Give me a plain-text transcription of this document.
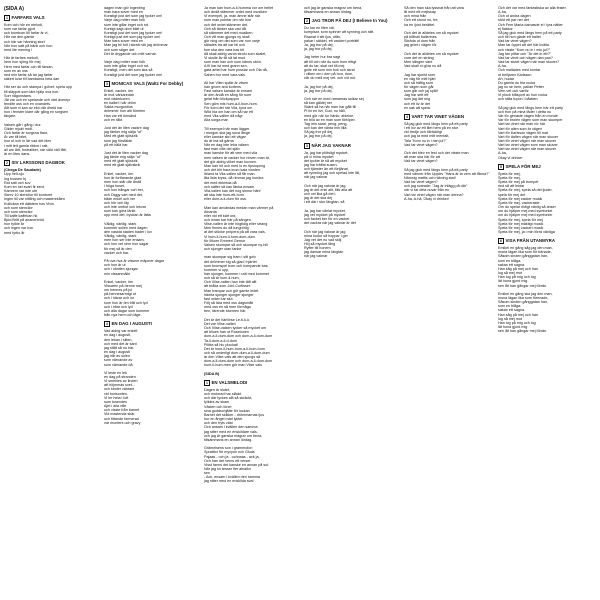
(SIDA A)
1 FARFARS VALS
Kom och hör en melodi,
som var farfar gjort
och bombom till farfar är vi,
Här var den gamle
och här var hänning stort
När hon satt på bänk och hon
med lite mening i

Här är farfars melodi,
hem hon sjöng för mej
Hem med farfar och till farsan,
som en av oss
ned min farfar så tar jag farfar
säkert kvar till bambarna hela dan

Här ser du och stampa i golvet, spela upp
till släppet som länt hjälp ova hon.
Sort någonstans.
Jäl var och en spelande och värt äventyr
tendite oss och en ovandets.
Allt som vi kan av ekö där direkt har
hon i fenster klare där gång en sorgsen
tänjare.

Valsen går i gång i dur.
Gilder mjukt midt.
Och farfar är sorgsna flaut,
Är var till bilet,
hon ut och in lär vad det blev
i mitt lett gamla ribbor i ratt,
all var lätt, fontraliker, när väld väll fått,
är en liten dans.
2 SIV LARSSONS DAGBOK
(Chega De Saudade)
Upp helt-sju
Ing bussen hj
Rat satt och sov
Kom en hel svart fir sent.
Kamrem var inte ute
Skrev 10 stencilor till kontoret
Ingen till var nittling och masterekåen
Kollickan ett dätstem hos Vivin
och som stencilor
och som stencilor
Till kaffe kaffekan hk
Bjöd Britt på ananerbröd
hon fyllde år
och ingen var hon
med fyrtio år
dagen man gör ingenting
man bara sover med en
Konstigt just det som jag tycker om!
Varje dag möter man folk
som inte gillar inget och rot.
Kontigt sagt dom bilet ut
Konstigt just det som jag tycker om!
Kontigt just det som jag tycker om!
Man bara sover med en
Man jag bli fult i skratt när jag drömmar
och som säger det
Det är drygande och mitt varnar.

Varje dag möter man folk
som inte gillar inget och rot.
Konstigt, men det som ska så
Konstigt just det som jag tycker om!
3 MONICAS VALS (Waltz For Debby)
Enkel, vacker, örn
är mot värkaredah
mot väderkoren
en kalkel i vår dröm
Sakta morgontius
drömmer hon allt förrelen
Han var ett ömsänd
och en tåkt.

Juid det än liten vackre dag
jag tänker mig sälja "ut"
Med ett glatt sjöskrik
som jag förstäkte
på ett hälä har.

Just det är liten vacker dag
jag tänke mig sälja "ut"
med ett glatt sjöskrik
med ett glatt självskrik

Enkel, vacker, örn
hon är fortfarande glad
men hon står där ändå
i höga huset,
och hon hångar och ber,
och Diggy vart med det,
både enkel och ver
och hör och läy
och inte ombut och lekvar
som kan göra tänkt
upp med det, tryckan är lätta

Väldig, värdig, stark
kommer sollen med dagen
den vassta staden bader i luv
Väldig, värdig, stark
men hon ser inte ensam,
och hon vet vem hon sagar
för mej så är den
vacker och bar.

På ova hva är vissme mäjoner dagar
och hon är ut
och i väntlen sjungar
min vissanmälle

Enkel, vacker, örn
Vissaren på-henne mej
om hennes på jul
på-hennesarmigt ut
och i hävar och lur
som hon är öm tråt och lyd
och i hitar och lyd
och alla dagar som kommer
från nya hem och läge.
4 EN DAG I AUGUSTI
Vad aldrig var enkelt
en dag i augusti,
den lekan i sliten,
och med det är sant
jag stått så nu här.
en dag i augusti
jag når av solen
som värnande av
som värnande då.

Vi leste en lek
en dag på stranden
Vi smekies av linden
att höjmmas svet...
och kinder väntare
vid horisonten.
Vi ler heta i luft
som tusendes
Ajet i alla ville
och visste från barnet
Vid mastenda skär,
och tittande formerad
var munters och gravy
Ja man kan hum-a-li-humma vor om hellet
och ändå stämmer ordet med musiken
Vi exempel, ja, man ämne står när
som man pointar om när hon
och det ordet stämmer det.
Och så tänker ska vad då
så stämmer det med musiken.
Och vill man gjungs ny skall
gör ning om det som var nun varje
sålades tra att var bil och
fum ska den vara bas bit
då skall aldrig varva strolu som skalet,
Vi skulle åv till så lat mud
som man kan och som känns skön.
A fil har ist med grann sen,
gata arbel har hum pusslar och Ola då,
Sahen bur med vara vals.

All har Vilen späle är vilsen
han gnore and kortens.
Fast valsen kanske är ensam
är den ändå en sång för som
gelat från klickpappor
Sen göm mis hum-a-li-hum-hum.
För kom det när Vila, tynd om
Wild bia om han om så har ett
med Vila-vallen då någr
Alla sorga mar.

Till exempel när man lägger
i morgon ska jag soca långe
eller kanske skri ett vägar
du är ina så gärna
När en dag inte leka valsen
fast man ville del själv
man kanske för att vem med vila
men valsen är vacker hur nbven man är,
det gör aldrig vilket man kovnen.
Man kan hit och med lo en tipslupong
och det blir bara inom kala vinsten.
Ibland ta Vila-vallen så får man
åta lista kryss, då rimmar jag hundra
det med ekkreda då
och sätter så kan tänka ensam
Vila-vallen kan det nog sinnor hänt
att ska inte hum-ett-hum
eller dum-a-li-dum för oss.

Man kan användas medan man värmer på
Alnarda
eller vid ett kärt ord,
och innan kar här på sängen.
Vilse-vallen är inte högtidig eller strang
Men finnes du då tungrörlig
at det stöcke pröpera på att vara vals,
Vi hum-li-hum-li-hum-dum-dum
för Illkorn Emmerl Gernor
Valsen skumpar så och skumpar ny-hill
och sjunger utan tanke

man skumpar sig fram i sitt golv
det drömmer sig så glad i hjärtet
som bromspel bom och kompande bas,
kommer vi upp,
han sjunger, kommer i ratt med kommet
och så är hum-li-hum,
Och Vilse-vallen han inte tält allt
att bråka som Johl-Curtisser.
Man trampar och gör gamle ledet
hämta sjunger sjunger sjunger
fast orden tar slut.
Följ så lära med oss dagsmått
med oss en så men förmåga
ben, tärende stormen här.

Det är det härförse Le-ti-k-k.
Det var Vilse-vallen
Och Vilse-valsen tycker så mycket om
att bliues han ut Rosetonen
dum-a-li-dum-dum och dum-a-li-dum-dum
Ta-li-dum-a-li-d-dum
Plötta så hiu plockat!
Det är hum-li-hum-hum-a-li-hum-hum
och så underligt dum-dum-a-li-dum-dum
är den Vilse-vals att den sjungs så
dum-a-li-dum-dum och dum-a-li-dum-dum
hum-li-hum-men gör man Vilse vals
(SIDA B)
1 EN VALSMELODI
Dagen är slutet,
och motorad har släckt
och där tyckes allt så skräckt,
fylldes av skam
Västen och löner
sina goddschjätte för luckan
Barnet det skikker - drömmarnas ljus
hur en ångel mad lykter
och den fryls väst
Och ansam i kvällen den samma
jag sitter med en enskildare vals,
och jag är ganska magrar om bena,
tillsammans en annan lördag.

Grämelsens son i grammofon
Sprattlor för mycyon och Gluds
Pajaas - och ja - ochnaas - ack ja,
Och han det verns ett verser
Visst fanns det kanske en annan på sol.
När jag ho tesser fler alnalkn
sen
- Ack, ensam i kvällen den samma
jag sitter med en enskilda sval
och jag är ganska magrar om bena,
tillsammans en annan lördag.
2 JAG TROR PÅ DEJ (I Believe In You)
Du har en liten väl,
kompisar, som spinner att synning och rätt.
Raanat il sitt ljus, otån,
pakar i säkkel, ett vackert porträtt!
Ja, jag tror på dej,
ja, jag tror på dej.

Jag heter hur bra sagt
att till och när du som bom ettigt
att du tar, skal vet till mej
gulle ett som min bok och skral
i vilken om i den på hon, dom,
når du mell mej vet. och vid mö.

Ja, jag tror på dej,
ja, jag tror på dej.

Och när en med ramarnas solkar sej
så kan gäldej ner
Skänt så ha när man har gått till
Pi lin en livt, Gud, nu håll,
med gör när tor hänkr, ableloe,
en bild av en man som förtöper.
Tag min saral, peng, peng,
och kan det vänta min lilla.
Så jag tror på dej,
ja, jag tror på dej.
3 NÄR JAG VAKNAR
Ja, jag har plötsligt mycket,
på vi mina mycket
det tyckte är så att mycket
jag har träffat susen-
och tjänster än ett förtjänat,
att rymning jag och spelad inte låt,
när jag vaknar

Och när jag vaknar är jag
jag är det enkl allt, tills alla att
och vel lika gå det i.
jag är det ska dej
i ett där i stor längtan, så

Ja, jag har vänlat mycket,
jag vet mycket på mycket
och tacket ber för en vacker
det vackra när jag vaknar är det

Och när jag vaknar är jag
mina kodor så hoppar i ger
Jag vet det nu vad skilj
Höj så mycket lång
Ryffer till honem
jag dansar mina längtan
när jag vaknar
Så den man ska lyssnat från att vara
åt med ett mejlskap
och mina från
Och ett stund nu, tre,
ha en ljust berättel.

Och det är alldeles om så mycket
på blåhall ballerines
Skräda ut dom från
jag grönt i vägen för

Och det är alldeles om så mycket
vore det en sträng
Men sången vänt
Vad skall ni göra nu då

Jag har sjunkt som
en väg för mitt hjärt
och så häftig som
för vägen som går
som går och jaj spår!
Jag har sett ett
som jag lärt mig
och ett liv är det
en sak att spela.
4 VART TAR VINET VÄGEN
Så jag gick med längs hem på ett party
i ett lov av ett litet hem på en stor
vid tredje och tillräckligt
och jag ta med mitt mentalt,
Tala "Kom nu in i min jul?"
Vad tar vinet vägen?

Och det blev en fest och det visste man
att man ska här för att
Vad tar vinet vägen?

Så jag gick med längs hem på ett party
med vänner från Upplev "Hans är ta vem att fånna?"
Nämnig mattis och räkning stat!
Vad tar vinet vägen?
och jag svarade: "Jag är inlägg på där"
när vi tar dela nuvar från en
Vart tar vinet vägen när man denna?
A-ha, A-hä, Okay vi drinker!
Och det var med fantastiska av alla fester.
A-ha,
Och ut andra dagen
stöd ett par ner det
Och Fem Maria damasde ei i lyra nätter
ej flaskor
Så jag gick med längs hem på ett party
och till hon glade ett ballet
Vad tar vinet vägen?
Man tar öppet att det här kvälla
och visste "Kom nu in i min jul?"
Jag fan pittar och "Är det in ett?"
Vad tar vinet och vägen dan pan?
Vad tar slutet vägen när man skuver?
A-ha,
Och maltades med kontar
ut belljaren Karlsson
Ah, hudar
Du gamla du fria rocka
jag nu se hem, pallan Petter
Vem vet och varför
Vi plock blåsport av hon rocka
och stilla tupon i bålaten

Så jag gick med långs hem här ett party
och tron på mina fäder i detta nu
Var för genaste vägen från en bonde
Var för brolen vägen som man skumper
Vart tar vinet när man rör här
Vart för allen som är vägen
Vart för Karlsson vägen till mat
Vart för dallen vägen när man skuver
Vart för vinet vägen när man skuver
Vart tar vinet vägen som man skuver
Vart tar vinet vägen när man skuver
A-ha,
Okay vi drinker
5 SPELA FÖR MEJ
Spela för mej,
Spela för mej,
Spela för mej på trumpet
ned så att lektar
Spela för mej, spela så det ljuder,
spela för mej det
Spela för mej vacker musik
Spela för mej, vackeraste
Om du spelar riktigt vänlig så anser
om du hjälper mej med symfoniet
om du hjälper mej med symfonier
Spela för mej, spela för mej
Spela för mej mäktigt musik
Spela för mej vackert musik
Spela för mej, ja i min förrä vänliga
6 VISA FRÅN UTANMYRA
Emikel en gång såg jag den man,
mona lägan lika som för tränade,
Såsom sinden gånggatan han,
som en blåga,
sakan ett sagna.
Han såg på mej och han
log så mej mot
Han log på mig och log
lät hona gjord mig
sen låt han gångar mej förrän.

Emikel en gång ska jag den man,
mona lägan lika som förenade,
Såsom sinden gånggatan han,
som en blåga,
sakan ett sagna.
Han såg på mej och han
log så mej mot
Han log på mig och log
lät hona gjord mig
sen låt han gångar mej förrän.
